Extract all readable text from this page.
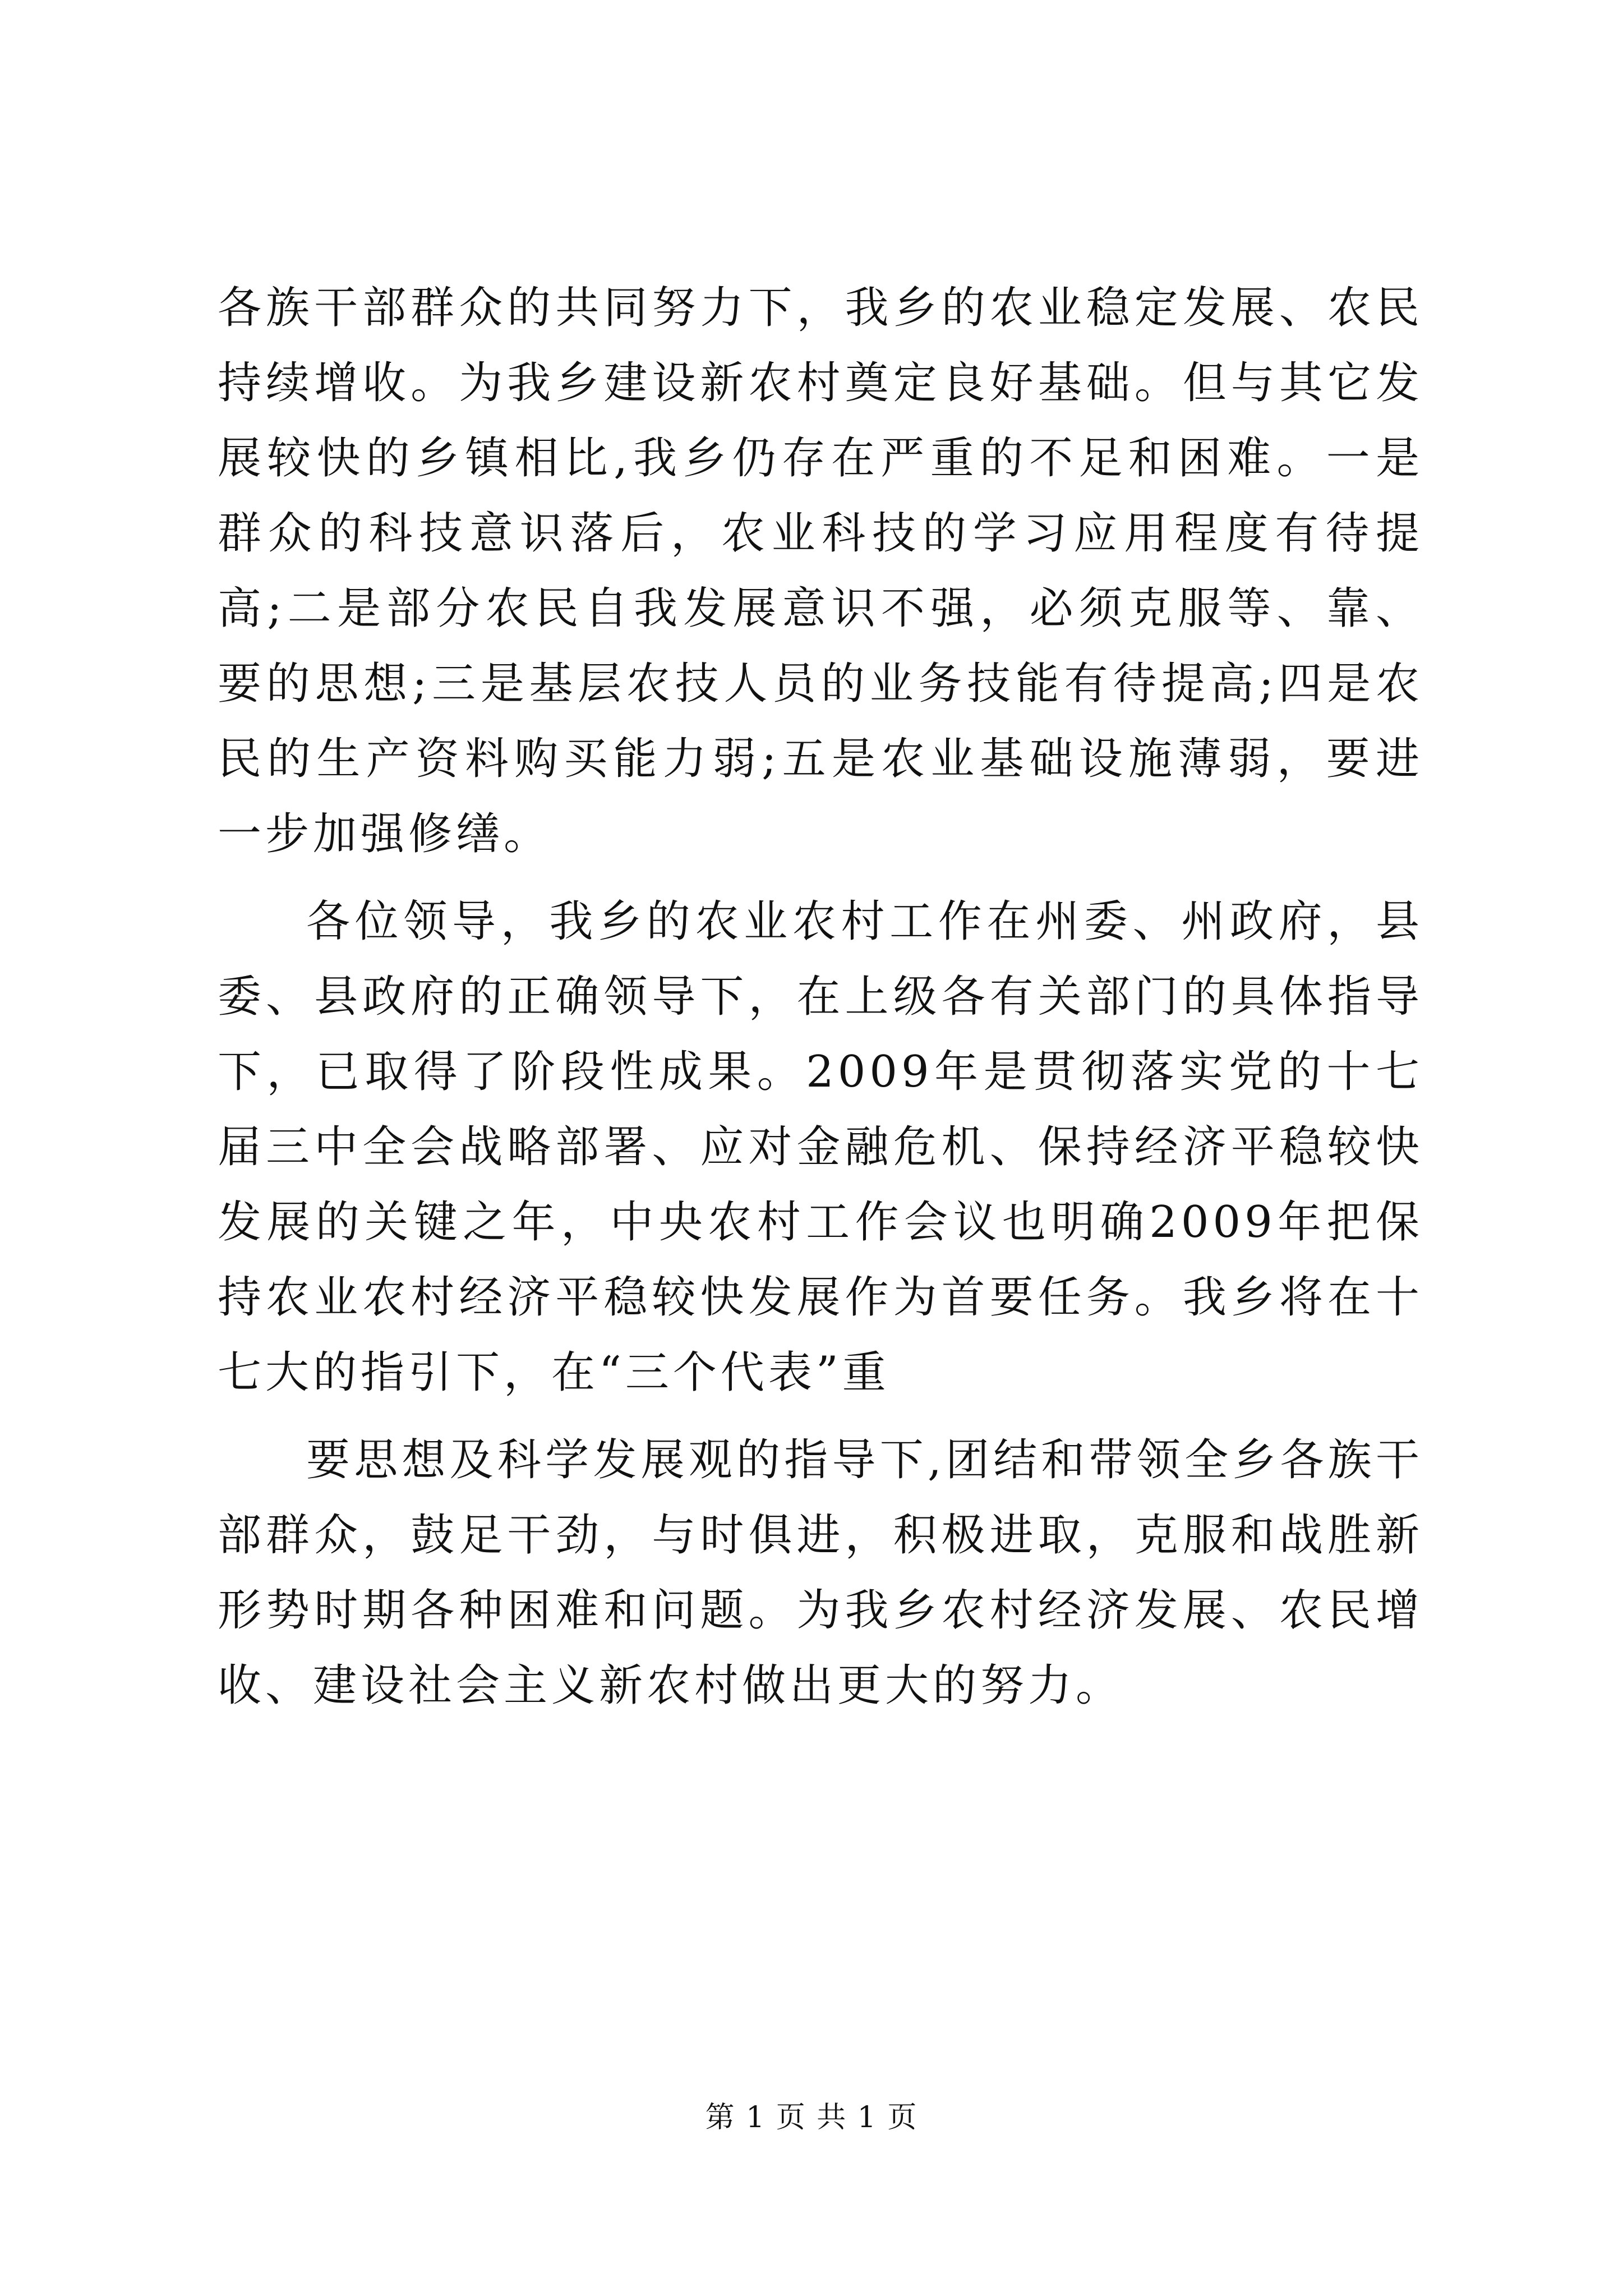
各族干部群众的共同努力下，我乡的农业稳定发展、农民持续增收。为我乡建设新农村奠定良好基础。但与其它发展较快的乡镇相比,我乡仍存在严重的不足和困难。一是群众的科技意识落后，农业科技的学习应用程度有待提高;二是部分农民自我发展意识不强，必须克服等、靠、要的思想;三是基层农技人员的业务技能有待提高;四是农民的生产资料购买能力弱;五是农业基础设施薄弱，要进一步加强修缮。

各位领导，我乡的农业农村工作在州委、州政府，县委、县政府的正确领导下，在上级各有关部门的具体指导下，已取得了阶段性成果。2009年是贯彻落实党的十七届三中全会战略部署、应对金融危机、保持经济平稳较快发展的关键之年，中央农村工作会议也明确2009年把保持农业农村经济平稳较快发展作为首要任务。我乡将在十七大的指引下，在“三个代表”重

要思想及科学发展观的指导下,团结和带领全乡各族干部群众，鼓足干劲，与时俱进，积极进取，克服和战胜新形势时期各种困难和问题。为我乡农村经济发展、农民增收、建设社会主义新农村做出更大的努力。

第 1 页 共 1 页
